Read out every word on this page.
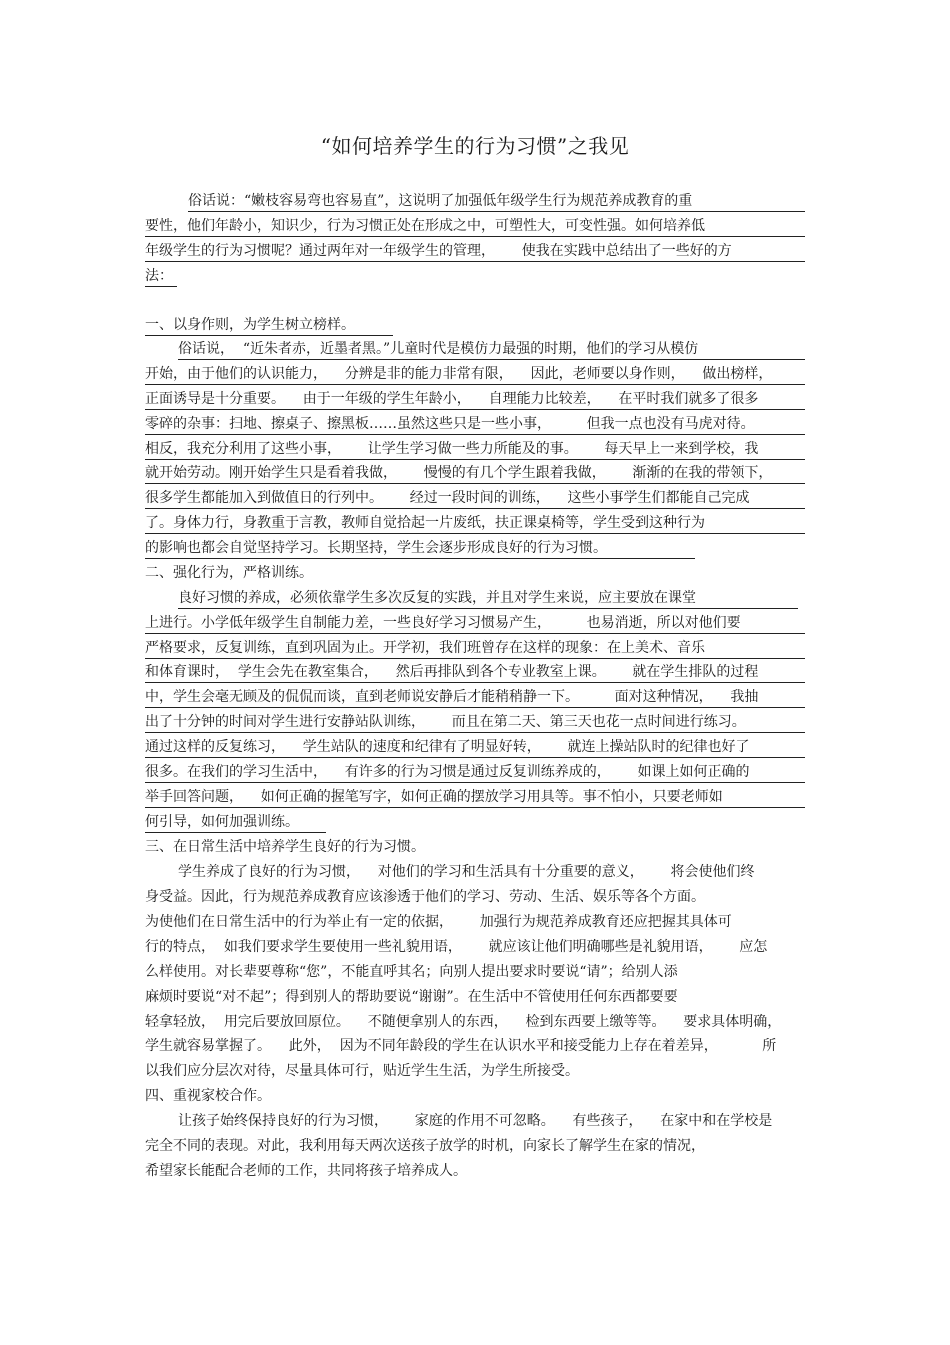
“如何培养学生的行为习惯”之我见
俗话说：“嫩枝容易弯也容易直”，这说明了加强低年级学生行为规范养成教育的重
要性，他们年龄小，知识少，行为习惯正处在形成之中，可塑性大，可变性强。如何培养低
年级学生的行为习惯呢？通过两年对一年级学生的管理，      使我在实践中总结出了一些好的方
法：
一、以身作则，为学生树立榜样。
俗话说，  “近朱者赤，近墨者黑。”儿童时代是模仿力最强的时期，他们的学习从模仿
开始，由于他们的认识能力，    分辨是非的能力非常有限，    因此，老师要以身作则，    做出榜样，
正面诱导是十分重要。    由于一年级的学生年龄小，    自理能力比较差，    在平时我们就多了很多
零碎的杂事：扫地、擦桌子、擦黑板……虽然这些只是一些小事，        但我一点也没有马虎对待。
相反，我充分利用了这些小事，      让学生学习做一些力所能及的事。      每天早上一来到学校，我
就开始劳动。刚开始学生只是看着我做，      慢慢的有几个学生跟着我做，      渐渐的在我的带领下，
很多学生都能加入到做值日的行列中。      经过一段时间的训练，    这些小事学生们都能自己完成
了。身体力行，身教重于言教，教师自觉拾起一片废纸，扶正课桌椅等，学生受到这种行为
的影响也都会自觉坚持学习。长期坚持，学生会逐步形成良好的行为习惯。
二、强化行为，严格训练。
良好习惯的养成，必须依靠学生多次反复的实践，并且对学生来说，应主要放在课堂
上进行。小学低年级学生自制能力差，一些良好学习习惯易产生，        也易消逝，所以对他们要
严格要求，反复训练，直到巩固为止。开学初，我们班曾存在这样的现象：在上美术、音乐
和体育课时，  学生会先在教室集合，    然后再排队到各个专业教室上课。      就在学生排队的过程
中，学生会毫无顾及的侃侃而谈，直到老师说安静后才能稍稍静一下。        面对这种情况，    我抽
出了十分钟的时间对学生进行安静站队训练，      而且在第二天、第三天也花一点时间进行练习。
通过这样的反复练习，    学生站队的速度和纪律有了明显好转，      就连上操站队时的纪律也好了
很多。在我们的学习生活中，    有许多的行为习惯是通过反复训练养成的，      如课上如何正确的
举手回答问题，    如何正确的握笔写字，如何正确的摆放学习用具等。事不怕小，只要老师如
何引导，如何加强训练。
三、在日常生活中培养学生良好的行为习惯。
学生养成了良好的行为习惯，    对他们的学习和生活具有十分重要的意义，      将会使他们终
身受益。因此，行为规范养成教育应该渗透于他们的学习、劳动、生活、娱乐等各个方面。
为使他们在日常生活中的行为举止有一定的依据，      加强行为规范养成教育还应把握其具体可
行的特点，  如我们要求学生要使用一些礼貌用语，      就应该让他们明确哪些是礼貌用语，      应怎
么样使用。对长辈要尊称“您”，不能直呼其名；向别人提出要求时要说“请”；给别人添
麻烦时要说“对不起”；得到别人的帮助要说“谢谢”。在生活中不管使用任何东西都要要
轻拿轻放，  用完后要放回原位。    不随便拿别人的东西，    检到东西要上缴等等。    要求具体明确，
学生就容易掌握了。    此外，  因为不同年龄段的学生在认识水平和接受能力上存在着差异，          所
以我们应分层次对待，尽量具体可行，贴近学生生活，为学生所接受。
四、重视家校合作。
让孩子始终保持良好的行为习惯，      家庭的作用不可忽略。    有些孩子，    在家中和在学校是
完全不同的表现。对此，我利用每天两次送孩子放学的时机，向家长了解学生在家的情况，
希望家长能配合老师的工作，共同将孩子培养成人。
